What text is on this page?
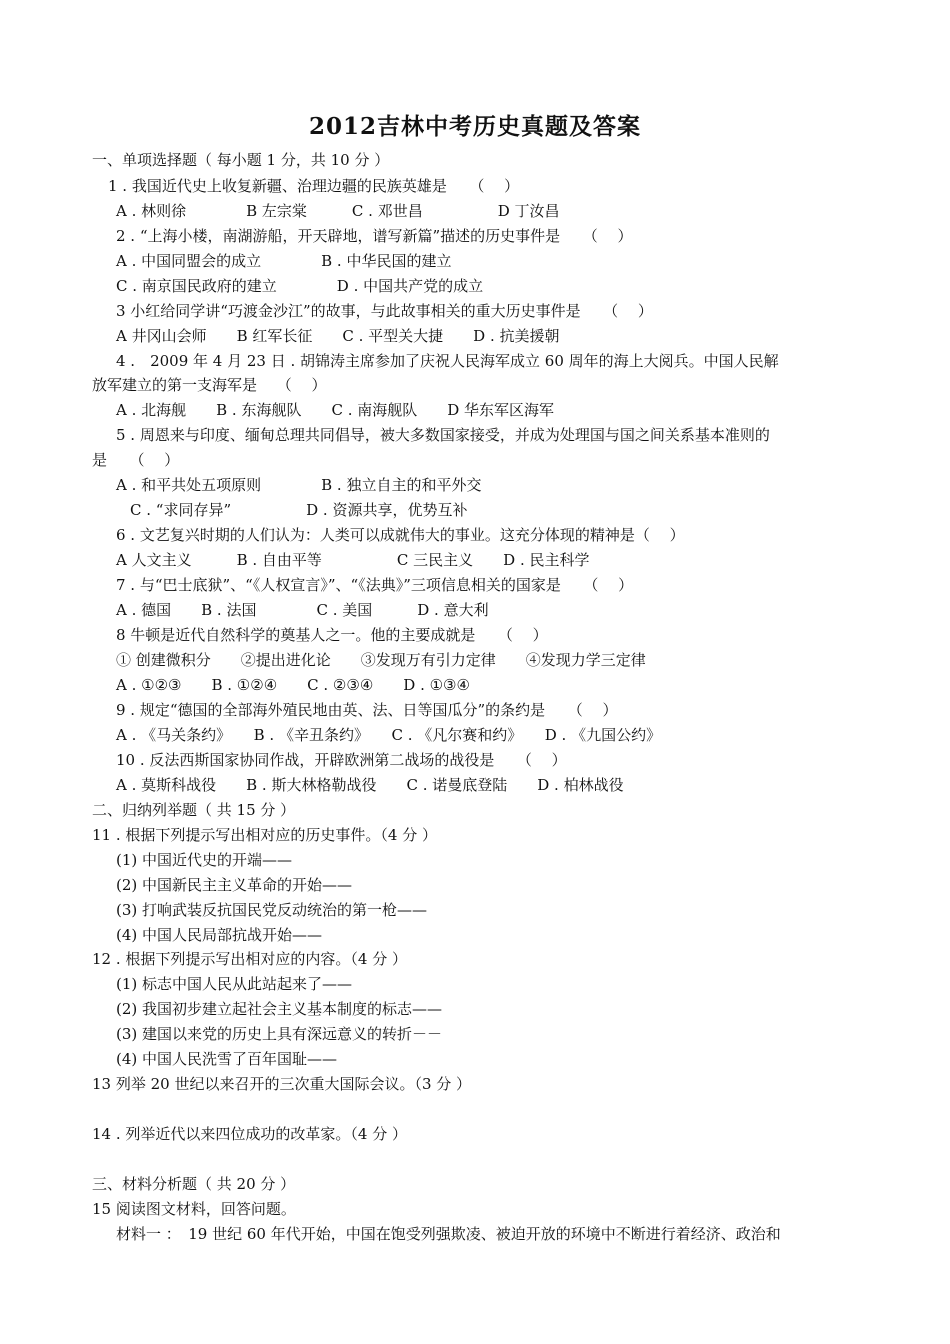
2012吉林中考历史真题及答案
一、单项选择题（ 每小题 1 分，共 10 分 ）
1 . 我国近代史上收复新疆、治理边疆的民族英雄是　　（　 ）
A . 林则徐　　　　B 左宗棠　　　C . 邓世昌　　　　　D 丁汝昌
2 . “上海小楼，南湖游船，开天辟地，谱写新篇”描述的历史事件是　　（　 ）
A . 中国同盟会的成立　　　　B . 中华民国的建立
C . 南京国民政府的建立　　　　D . 中国共产党的成立
3 小红给同学讲“巧渡金沙江”的故事，与此故事相关的重大历史事件是　　（　 ）
A 井冈山会师　　B 红军长征　　C . 平型关大捷　　D . 抗美援朝
4 .　2009 年 4 月 23 日 . 胡锦涛主席参加了庆祝人民海军成立 60 周年的海上大阅兵。中国人民解
放军建立的第一支海军是　 （　 ）
A . 北海舰　　B . 东海舰队　　C . 南海舰队　　D 华东军区海军
5 . 周恩来与印度、缅甸总理共同倡导，被大多数国家接受，并成为处理国与国之间关系基本准则的
是　　（　 ）
A . 和平共处五项原则　　　　B . 独立自主的和平外交
C . “求同存异”　　　　　D . 资源共享，优势互补
6 . 文艺复兴时期的人们认为：人类可以成就伟大的事业。这充分体现的精神是（　 ）
A 人文主义　　　B . 自由平等　　　　　C 三民主义　　D . 民主科学
7 . 与“巴士底狱”、“《人权宣言》”、“《法典》”三项信息相关的国家是　　（　 ）
A . 德国　　B . 法国　　　　C . 美国　　　D . 意大利
8 牛顿是近代自然科学的奠基人之一。他的主要成就是　　（　 ）
① 创建微积分　　②提出进化论　　③发现万有引力定律　　④发现力学三定律
A . ①②③　　B . ①②④　　C . ②③④　　D . ①③④
9 . 规定“德国的全部海外殖民地由英、法、日等国瓜分”的条约是　　（　 ）
A . 《马关条约》　　B . 《辛丑条约》　　C . 《凡尔赛和约》　　D . 《九国公约》
10 . 反法西斯国家协同作战，开辟欧洲第二战场的战役是　　（　 ）
A . 莫斯科战役　　B . 斯大林格勒战役　　C . 诺曼底登陆　　D . 柏林战役
二、归纳列举题（ 共 15 分 ）
11 . 根据下列提示写出相对应的历史事件。（4 分 ）
(1) 中国近代史的开端——
(2) 中国新民主主义革命的开始——
(3) 打响武装反抗国民党反动统治的第一枪——
(4) 中国人民局部抗战开始——
12 . 根据下列提示写出相对应的内容。（4 分 ）
(1) 标志中国人民从此站起来了——
(2) 我国初步建立起社会主义基本制度的标志——
(3) 建国以来党的历史上具有深远意义的转折－－
(4) 中国人民洗雪了百年国耻——
13 列举 20 世纪以来召开的三次重大国际会议。（3 分 ）
14 . 列举近代以来四位成功的改革家。（4 分 ）
三、材料分析题（ 共 20 分 ）
15 阅读图文材料，回答问题。
材料一 ：　19 世纪 60 年代开始，中国在饱受列强欺凌、被迫开放的环境中不断进行着经济、政治和
